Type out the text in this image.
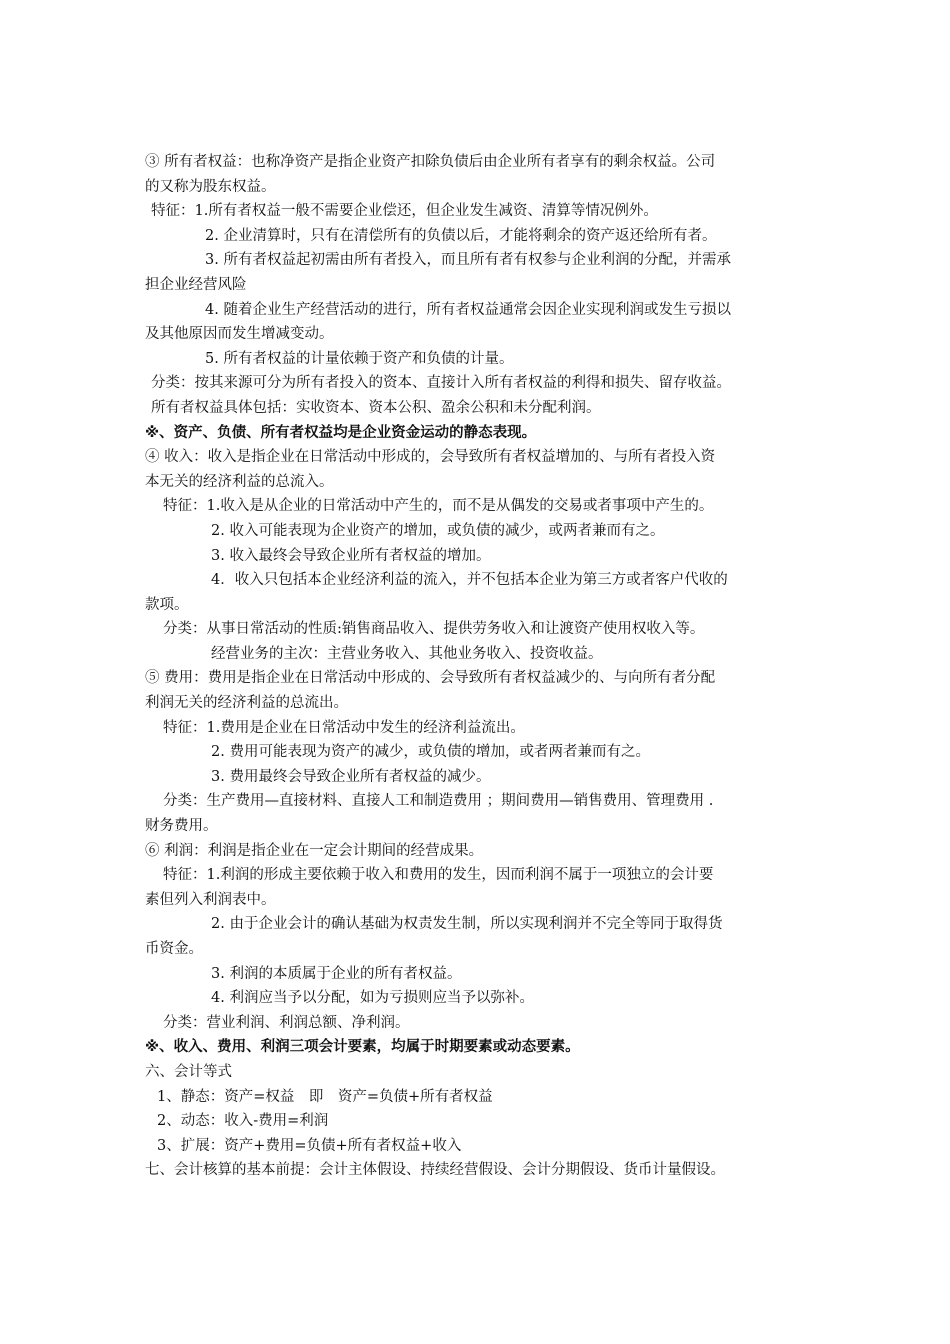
③ 所有者权益：也称净资产是指企业资产扣除负债后由企业所有者享有的剩余权益。公司
的又称为股东权益。
特征：1.所有者权益一般不需要企业偿还，但企业发生减资、清算等情况例外。
2. 企业清算时，只有在清偿所有的负债以后，才能将剩余的资产返还给所有者。
3. 所有者权益起初需由所有者投入，而且所有者有权参与企业利润的分配，并需承
担企业经营风险
4. 随着企业生产经营活动的进行，所有者权益通常会因企业实现利润或发生亏损以
及其他原因而发生增减变动。
5. 所有者权益的计量依赖于资产和负债的计量。
分类：按其来源可分为所有者投入的资本、直接计入所有者权益的利得和损失、留存收益。
所有者权益具体包括：实收资本、资本公积、盈余公积和未分配利润。
※、资产、负债、所有者权益均是企业资金运动的静态表现。
④ 收入：收入是指企业在日常活动中形成的，会导致所有者权益增加的、与所有者投入资
本无关的经济利益的总流入。
特征：1.收入是从企业的日常活动中产生的，而不是从偶发的交易或者事项中产生的。
2. 收入可能表现为企业资产的增加，或负债的减少，或两者兼而有之。
3. 收入最终会导致企业所有者权益的增加。
4．收入只包括本企业经济利益的流入，并不包括本企业为第三方或者客户代收的
款项。
分类：从事日常活动的性质:销售商品收入、提供劳务收入和让渡资产使用权收入等。
经营业务的主次：主营业务收入、其他业务收入、投资收益。
⑤ 费用：费用是指企业在日常活动中形成的、会导致所有者权益减少的、与向所有者分配
利润无关的经济利益的总流出。
特征：1.费用是企业在日常活动中发生的经济利益流出。
2. 费用可能表现为资产的减少，或负债的增加，或者两者兼而有之。
3. 费用最终会导致企业所有者权益的减少。
分类：生产费用—直接材料、直接人工和制造费用 ；期间费用—销售费用、管理费用 .
财务费用。
⑥ 利润：利润是指企业在一定会计期间的经营成果。
特征：1.利润的形成主要依赖于收入和费用的发生，因而利润不属于一项独立的会计要
素但列入利润表中。
2. 由于企业会计的确认基础为权责发生制，所以实现利润并不完全等同于取得货
币资金。
3. 利润的本质属于企业的所有者权益。
4. 利润应当予以分配，如为亏损则应当予以弥补。
分类：营业利润、利润总额、净利润。
※、收入、费用、利润三项会计要素，均属于时期要素或动态要素。
六、会计等式
1、静态：资产=权益　即　资产=负债+所有者权益
2、动态：收入-费用=利润
3、扩展：资产+费用=负债+所有者权益+收入
七、会计核算的基本前提：会计主体假设、持续经营假设、会计分期假设、货币计量假设。
